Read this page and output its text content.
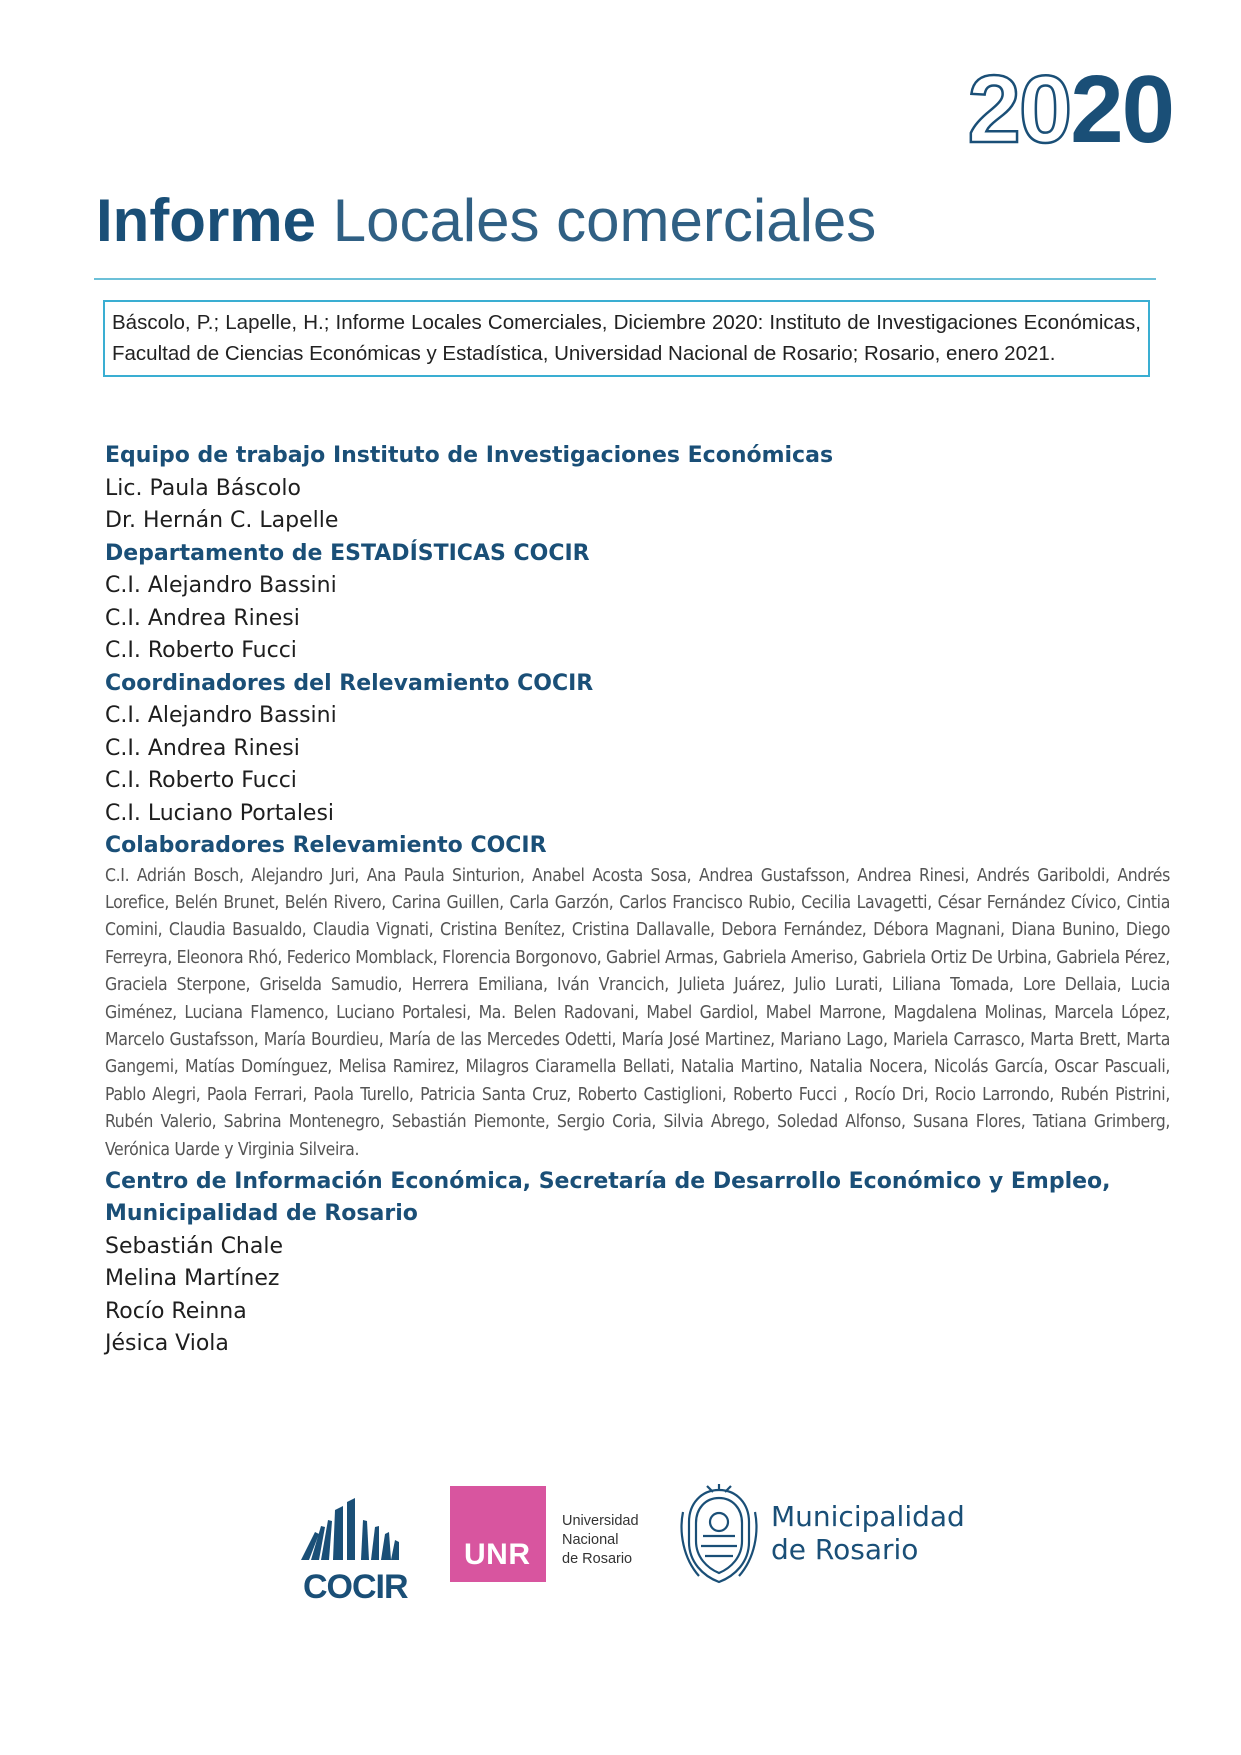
2020
Informe Locales comerciales
Báscolo, P.; Lapelle, H.; Informe Locales Comerciales, Diciembre 2020: Instituto de Investigaciones Económicas, Facultad de Ciencias Económicas y Estadística, Universidad Nacional de Rosario; Rosario, enero 2021.

Equipo de trabajo Instituto de Investigaciones Económicas

Lic. Paula Báscolo

Dr. Hernán C. Lapelle

Departamento de ESTADÍSTICAS COCIR

C.I. Alejandro Bassini

C.I. Andrea Rinesi

C.I. Roberto Fucci

Coordinadores del Relevamiento COCIR

C.I. Alejandro Bassini

C.I. Andrea Rinesi

C.I. Roberto Fucci

C.I. Luciano Portalesi

Colaboradores Relevamiento COCIR

C.I. Adrián Bosch, Alejandro Juri, Ana Paula Sinturion, Anabel Acosta Sosa, Andrea Gustafsson, Andrea Rinesi, Andrés Gariboldi, Andrés Lorefice, Belén Brunet, Belén Rivero, Carina Guillen, Carla Garzón, Carlos Francisco Rubio, Cecilia Lavagetti, César Fernández Cívico, Cintia Comini, Claudia Basualdo, Claudia Vignati, Cristina Benítez, Cristina Dallavalle, Debora Fernández, Débora Magnani, Diana Bunino, Diego Ferreyra, Eleonora Rhó, Federico Momblack, Florencia Borgonovo, Gabriel Armas, Gabriela Amerisо, Gabriela Ortiz De Urbina, Gabriela Pérez, Graciela Sterpone, Griselda Samudio, Herrera Emiliana, Iván Vrancich, Julieta Juárez, Julio Lurati, Liliana Tomada, Lore Dellaia, Lucia Giménez, Luciana Flamenco, Luciano Portalesi, Ma. Belen Radovani, Mabel Gardiol, Mabel Marrone, Magdalena Molinas, Marcela López, Marcelo Gustafsson, María Bourdieu, María de las Mercedes Odetti, María José Martinez, Mariano Lago, Mariela Carrasco, Marta Brett, Marta Gangemi, Matías Domínguez, Melisa Ramirez, Milagros Ciaramella Bellati, Natalia Martino, Natalia Nocera, Nicolás García, Oscar Pascuali, Pablo Alegri, Paola Ferrari, Paola Turello, Patricia Santa Cruz, Roberto Castiglioni, Roberto Fucci , Rocío Dri, Rocio Larrondo, Rubén Pistrini, Rubén Valerio, Sabrina Montenegro, Sebastián Piemonte, Sergio Coria, Silvia Abrego, Soledad Alfonso, Susana Flores, Tatiana Grimberg, Verónica Uarde y Virginia Silveira.

Centro de Información Económica, Secretaría de Desarrollo Económico y Empleo, Municipalidad de Rosario

Sebastián Chale

Melina Martínez

Rocío Reinna

Jésica Viola

COCIR
UNR
Universidad
Nacional
de Rosario
Municipalidad
de Rosario
